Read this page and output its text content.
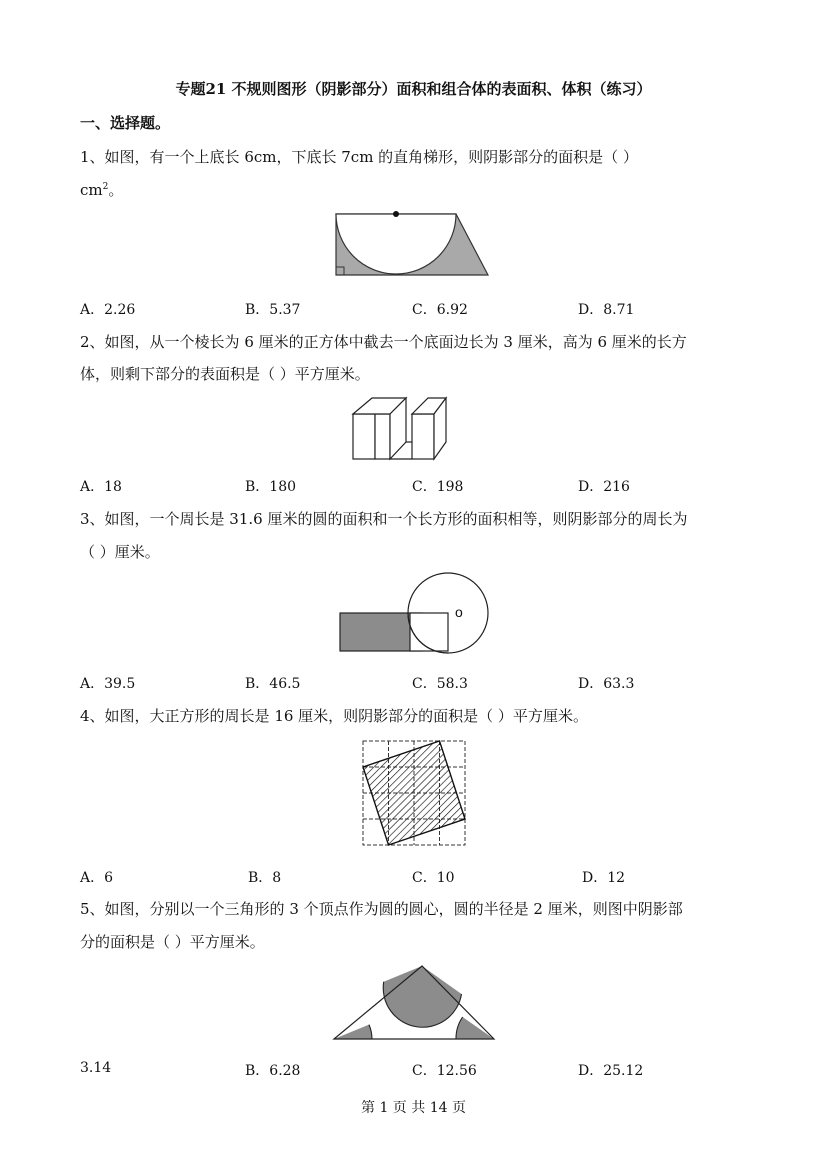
专题21 不规则图形（阴影部分）面积和组合体的表面积、体积（练习）
一、选择题。
1、如图，有一个上底长 6cm，下底长 7cm 的直角梯形，则阴影部分的面积是（ ）
$cm^2$。
A．2.26	B．5.37	C．6.92	D．8.71
2、如图，从一个棱长为 6 厘米的正方体中截去一个底面边长为 3 厘米，高为 6 厘米的长方
体，则剩下部分的表面积是（ ）平方厘米。
A．18	B．180	C．198	D．216
3、如图，一个周长是 31.6 厘米的圆的面积和一个长方形的面积相等，则阴影部分的周长为
（ ）厘米。
o
A．39.5	B．46.5	C．58.3	D．63.3
4、如图，大正方形的周长是 16 厘米，则阴影部分的面积是（ ）平方厘米。
A．6	B．8	C．10	D．12
5、如图，分别以一个三角形的 3 个顶点作为圆的圆心，圆的半径是 2 厘米，则图中阴影部
分的面积是（ ）平方厘米。
3.14	B．6.28	C．12.56	D．25.12
第 1 页 共 14 页
